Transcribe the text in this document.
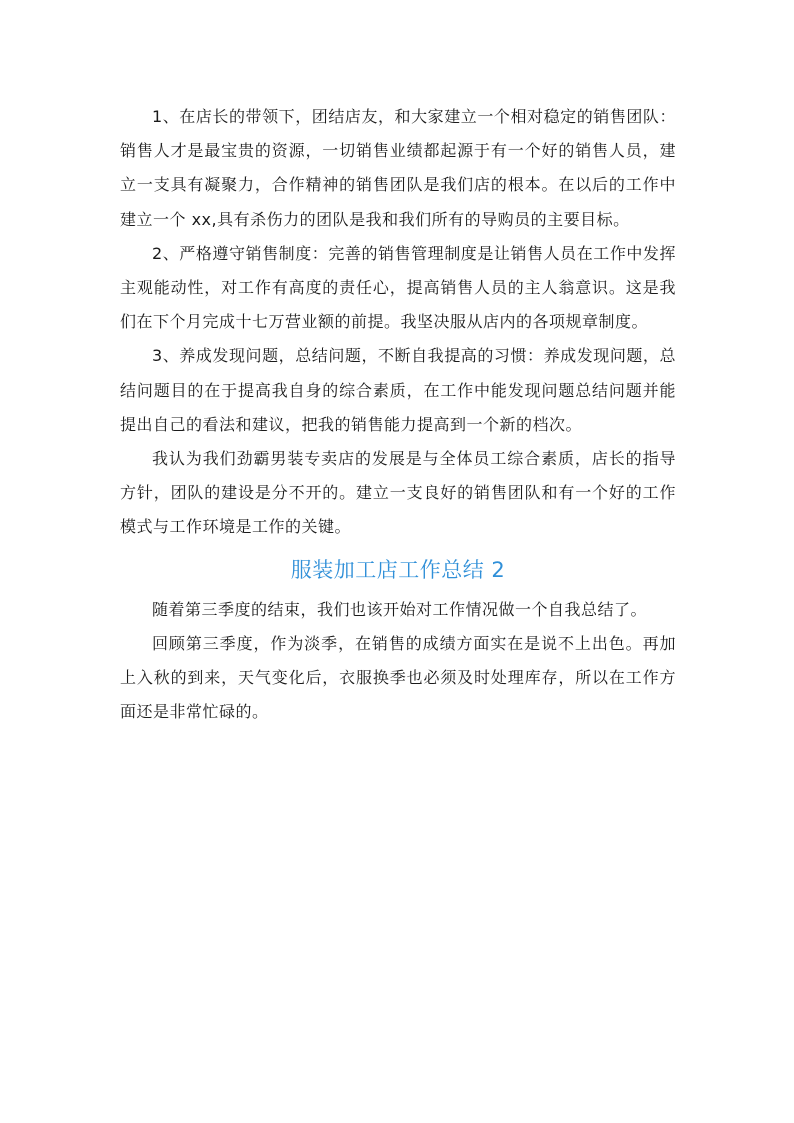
1、在店长的带领下，团结店友，和大家建立一个相对稳定的销售团队：销售人才是最宝贵的资源，一切销售业绩都起源于有一个好的销售人员，建立一支具有凝聚力，合作精神的销售团队是我们店的根本。在以后的工作中建立一个 xx,具有杀伤力的团队是我和我们所有的导购员的主要目标。

2、严格遵守销售制度：完善的销售管理制度是让销售人员在工作中发挥主观能动性，对工作有高度的责任心，提高销售人员的主人翁意识。这是我们在下个月完成十七万营业额的前提。我坚决服从店内的各项规章制度。

3、养成发现问题，总结问题，不断自我提高的习惯：养成发现问题，总结问题目的在于提高我自身的综合素质，在工作中能发现问题总结问题并能提出自己的看法和建议，把我的销售能力提高到一个新的档次。

我认为我们劲霸男装专卖店的发展是与全体员工综合素质，店长的指导方针，团队的建设是分不开的。建立一支良好的销售团队和有一个好的工作模式与工作环境是工作的关键。

服装加工店工作总结 2

随着第三季度的结束，我们也该开始对工作情况做一个自我总结了。

回顾第三季度，作为淡季，在销售的成绩方面实在是说不上出色。再加上入秋的到来，天气变化后，衣服换季也必须及时处理库存，所以在工作方面还是非常忙碌的。
